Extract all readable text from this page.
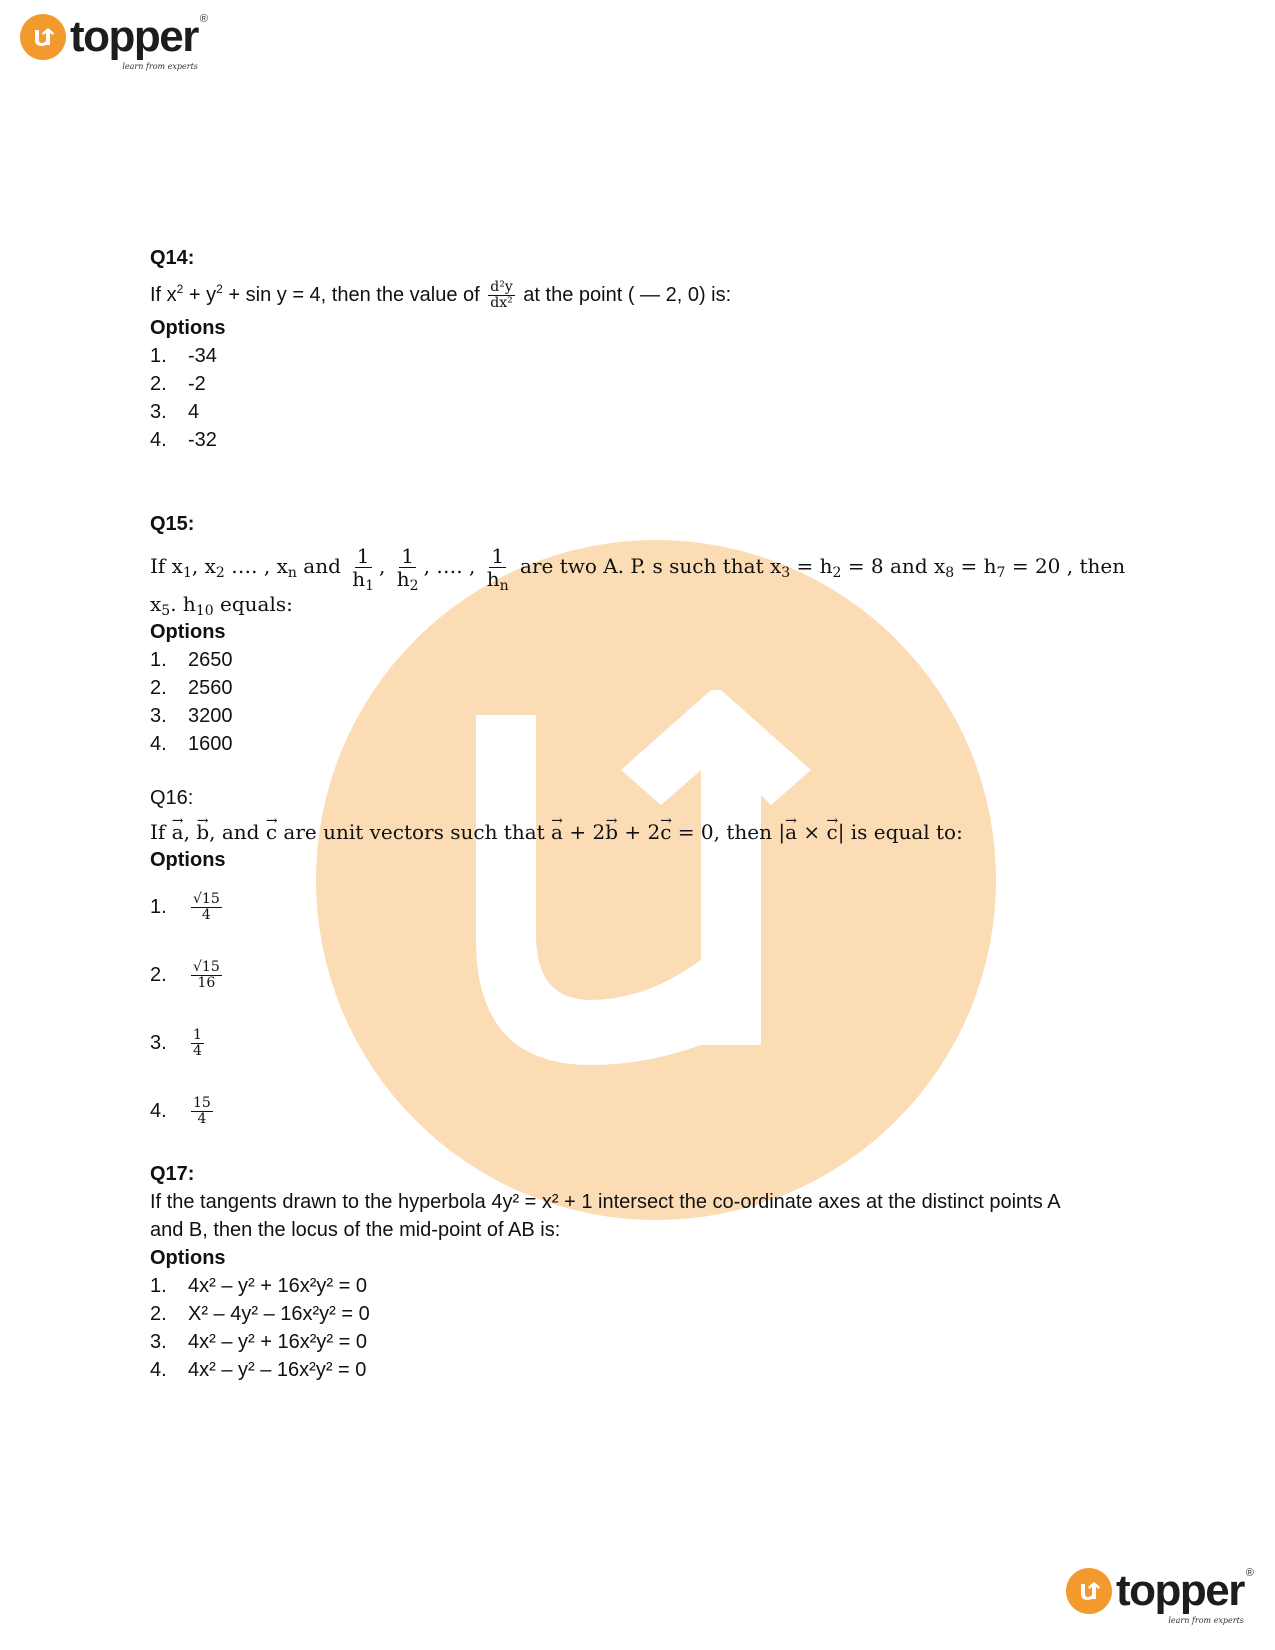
topper ®
learn from experts
Q14:
If $x^2 + y^2 + \sin y = 4$, then the value of $\frac{\text{d²y}}{\text{dx²}}$ at the point ( — 2, 0) is:
Options
1.	-34
2.	-2
3.	4
4.	-32
Q15:
If $x_1$, $x_2$ …. , $x_n$ and $\frac{1}{h_1}$ , $\frac{1}{h_2}$ , …. , $\frac{1}{h_n}$ are two A. P. s such that $x_3 = h_2 = 8$ and $x_8 = h_7 = 20$ , then
$x_5$. $h_{10}$ equals:
Options
1.	2650
2.	2560
3.	3200
4.	1600
Q16:
If → a, → b, and → c are unit vectors such that → a + 2→ b + 2→ c = 0, then |→ a × → c| is equal to:
Options
1.	$\frac{√15}{4}$
2.	$\frac{√15}{16}$
3.	$\frac{1}{4}$
4.	$\frac{15}{4}$
Q17:
If the tangents drawn to the hyperbola 4y² = x² + 1 intersect the co-ordinate axes at the distinct points A and B, then the locus of the mid-point of AB is:
Options
1.	4x² – y² + 16x²y² = 0
2.	X² – 4y² – 16x²y² = 0
3.	4x² – y² + 16x²y² = 0
4.	4x² – y² – 16x²y² = 0
topper ®
learn from experts
